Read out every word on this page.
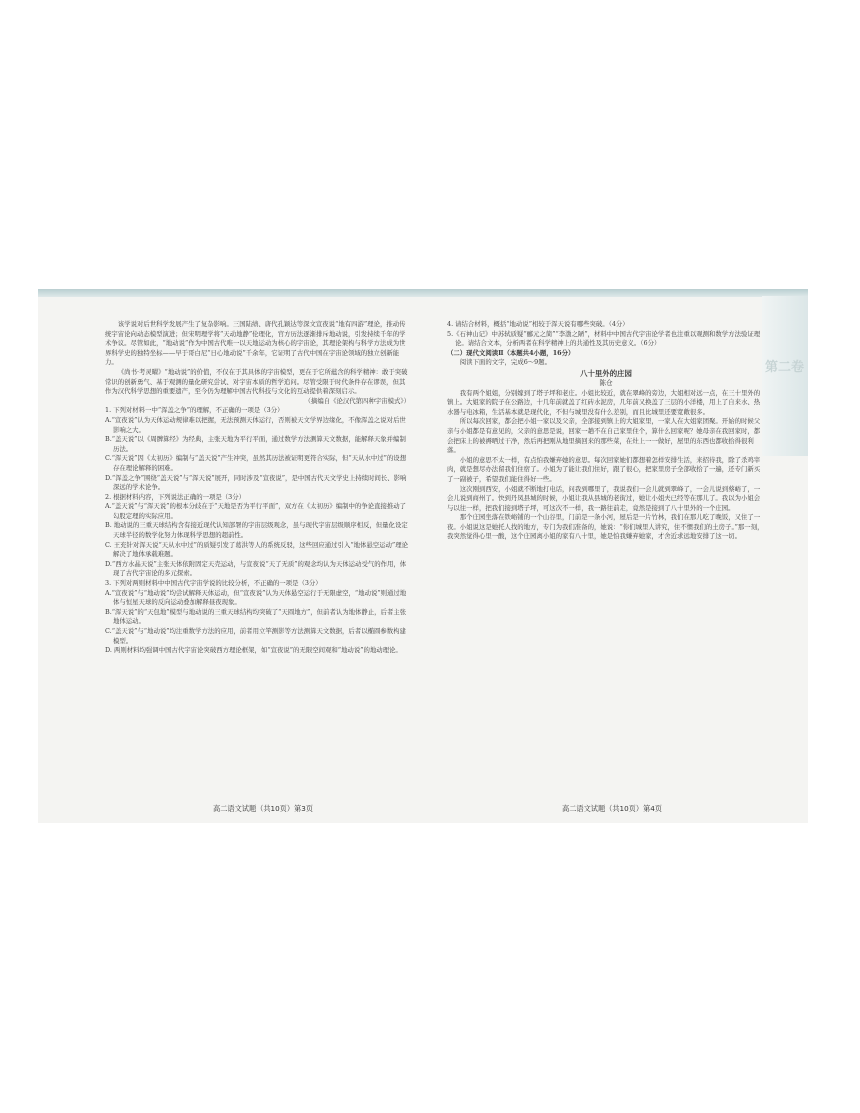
第二卷

该学说对后世科学发展产生了复杂影响。三国陆绩、唐代孔颖达等深文宣夜说“地有四游”理论，推动传统宇宙论向动态模型演进；但宋明理学将“天动地静”伦理化，官方历法逐渐排斥地动说，引发持续千年的学术争议。尽管如此，“地动说”作为中国古代唯一以天地运动为核心的宇宙论，其理论架构与科学方法成为世界科学史的独特坐标——早于哥白尼“日心地动说”千余年，它证明了古代中国在宇宙论领域的独立创新能力。

《尚书·考灵曜》“地动说”的价值，不仅在于其具体的宇宙模型，更在于它所蕴含的科学精神：敢于突破常识的创新勇气、基于观测的量化研究尝试、对宇宙本质的哲学追问。尽管受限于时代条件存在谬误，但其作为汉代科学思想的重要遗产，至今仍为理解中国古代科技与文化的互动提供着深刻启示。

（摘编自《论汉代第四种宇宙模式》）

1. 下列对材料一中“浑盖之争”的理解，不正确的一项是（3分）

A.“宣夜说”认为天体运动规律难以把握，无法预测天体运行，否则被天文学界边缘化，不像浑盖之说对后世影响之大。

B.“盖天说”以《周髀算经》为经典，主张天地为平行平面，通过数学方法测算天文数据，能解释天象并编制历法。

C.“浑天说”因《太初历》编制与“盖天说”产生冲突，虽然其历法被证明更符合实际，但“天从水中过”的设想存在理论解释的困难。

D.“浑盖之争”围绕“盖天说”与“浑天说”展开，同时涉及“宣夜说”，是中国古代天文学史上持续时间长、影响深远的学术论争。

2. 根据材料内容，下列说法正确的一项是（3分）

A.“盖天说”与“浑天说”的根本分歧在于“天地是否为平行平面”，双方在《太初历》编制中的争论直接推动了勾股定理的实际应用。

B. 地动说的三重天球结构含有接近现代认知部署的宇宙层级观念，虽与现代宇宙层级顺序相反，但量化设定天球半径的数学化努力体现科学思想的超前性。

C. 王充针对浑天说“天从水中过”的质疑引发了葛洪等人的系统反驳，这些回应通过引入“地体悬空运动”理论解决了地体承载难题。

D.“西方水晶天说”主张天体依附固定天壳运动，与宣夜说“天了无质”的观念均认为天体运动受气的作用，体现了古代宇宙论的多元探索。

3. 下列对两则材料中中国古代宇宙学说的比较分析，不正确的一项是（3分）

A.“宣夜说”与“地动说”均尝试解释天体运动，但“宣夜说”认为天体悬空运行于无限虚空，“地动说”则通过地体与恒星天球的反向运动叠加解释昼夜现象。

B.“浑天说”的“天包地”模型与地动说的三重天球结构均突破了“天圆地方”，但前者认为地体静止，后者主张地体运动。

C.“盖天说”与“地动说”均注重数学方法的应用，前者用立竿测影等方法测算天文数据，后者以椭圆参数构建模型。

D. 两则材料均强调中国古代宇宙论突破西方理论框架，如“宣夜说”的无限空间观和“地动说”的地动理论。

4. 请结合材料，概括“地动说”相较于浑天说有哪些突破。（4分）

5.《石神山记》中苏轼质疑“郦元之简”“李渤之陋”，材料中中国古代宇宙论学者也注重以观测和数学方法验证理论。请结合文本，分析两者在科学精神上的共通性及其历史意义。（6分）

（二）现代文阅读Ⅱ（本题共4小题，16分）

阅读下面的文字，完成6～9题。

八十里外的庄园

陈仓

我有两个姐姐，分别嫁到了塔子坪和老庄。小姐比较近，就在翠峰的旁边，大姐相对远一点，在三十里外的镇上。大姐家的院子在公路边，十几年前就盖了红砖水泥房，几年前又换盖了三层的小洋楼，用上了自来水、热水器与电冰箱，生活基本就是现代化，不但与城里没有什么差别，而且比城里还要宽敞很多。

所以每次回家，都会把小姐一家以及父亲，全部接到镇上的大姐家里，一家人在大姐家团聚。开始的时候父亲与小姐都是有意见的，父亲的意思是说，回家一趟不在自己家里住个，算什么回家呢？她母亲在我回家时，都会把床上的被褥晒过干净，然后再把刚从地里摘回来的那些菜，在灶上一一做好，屋里的东西也都收拾得很利落。

小姐的意思不太一样，有点怕我嫌弃她的意思。每次回家她们都想着怎样安排生活，来招待我，除了杀鸡宰肉，就是想尽办法留我们住宿了。小姐为了能让我们住好，跟了很心，把家里房子全部收拾了一遍，还专门新买了一副被子，希望我们能住得好一些。

这次刚到西安，小姐就不断地打电话，问我到哪里了，我说我们一会儿就到翠峰了，一会儿说到蔡峪了，一会儿说到商州了。快到丹凤县城的时候，小姐让我从县城的老街过，她让小姐夫已经等在那儿了。我以为小姐会与以往一样，把我们接到塔子坪，可这次不一样，我一路往前走，竟然是接到了八十里外的一个庄园。

那个庄园坐落在铁峪铺的一个山谷里，门前是一条小河，屋后是一片竹林，我们在那儿吃了晚饭，又住了一夜。小姐说这是她托人找的地方，专门为我们准备的，她说：“你们城里人讲究，住不惯我们的土房子。”那一刻，我突然觉得心里一酸，这个庄园离小姐的家有八十里，她是怕我嫌弃她家，才舍近求远地安排了这一切。

高二语文试题（共10页）第3页	高二语文试题（共10页）第4页
